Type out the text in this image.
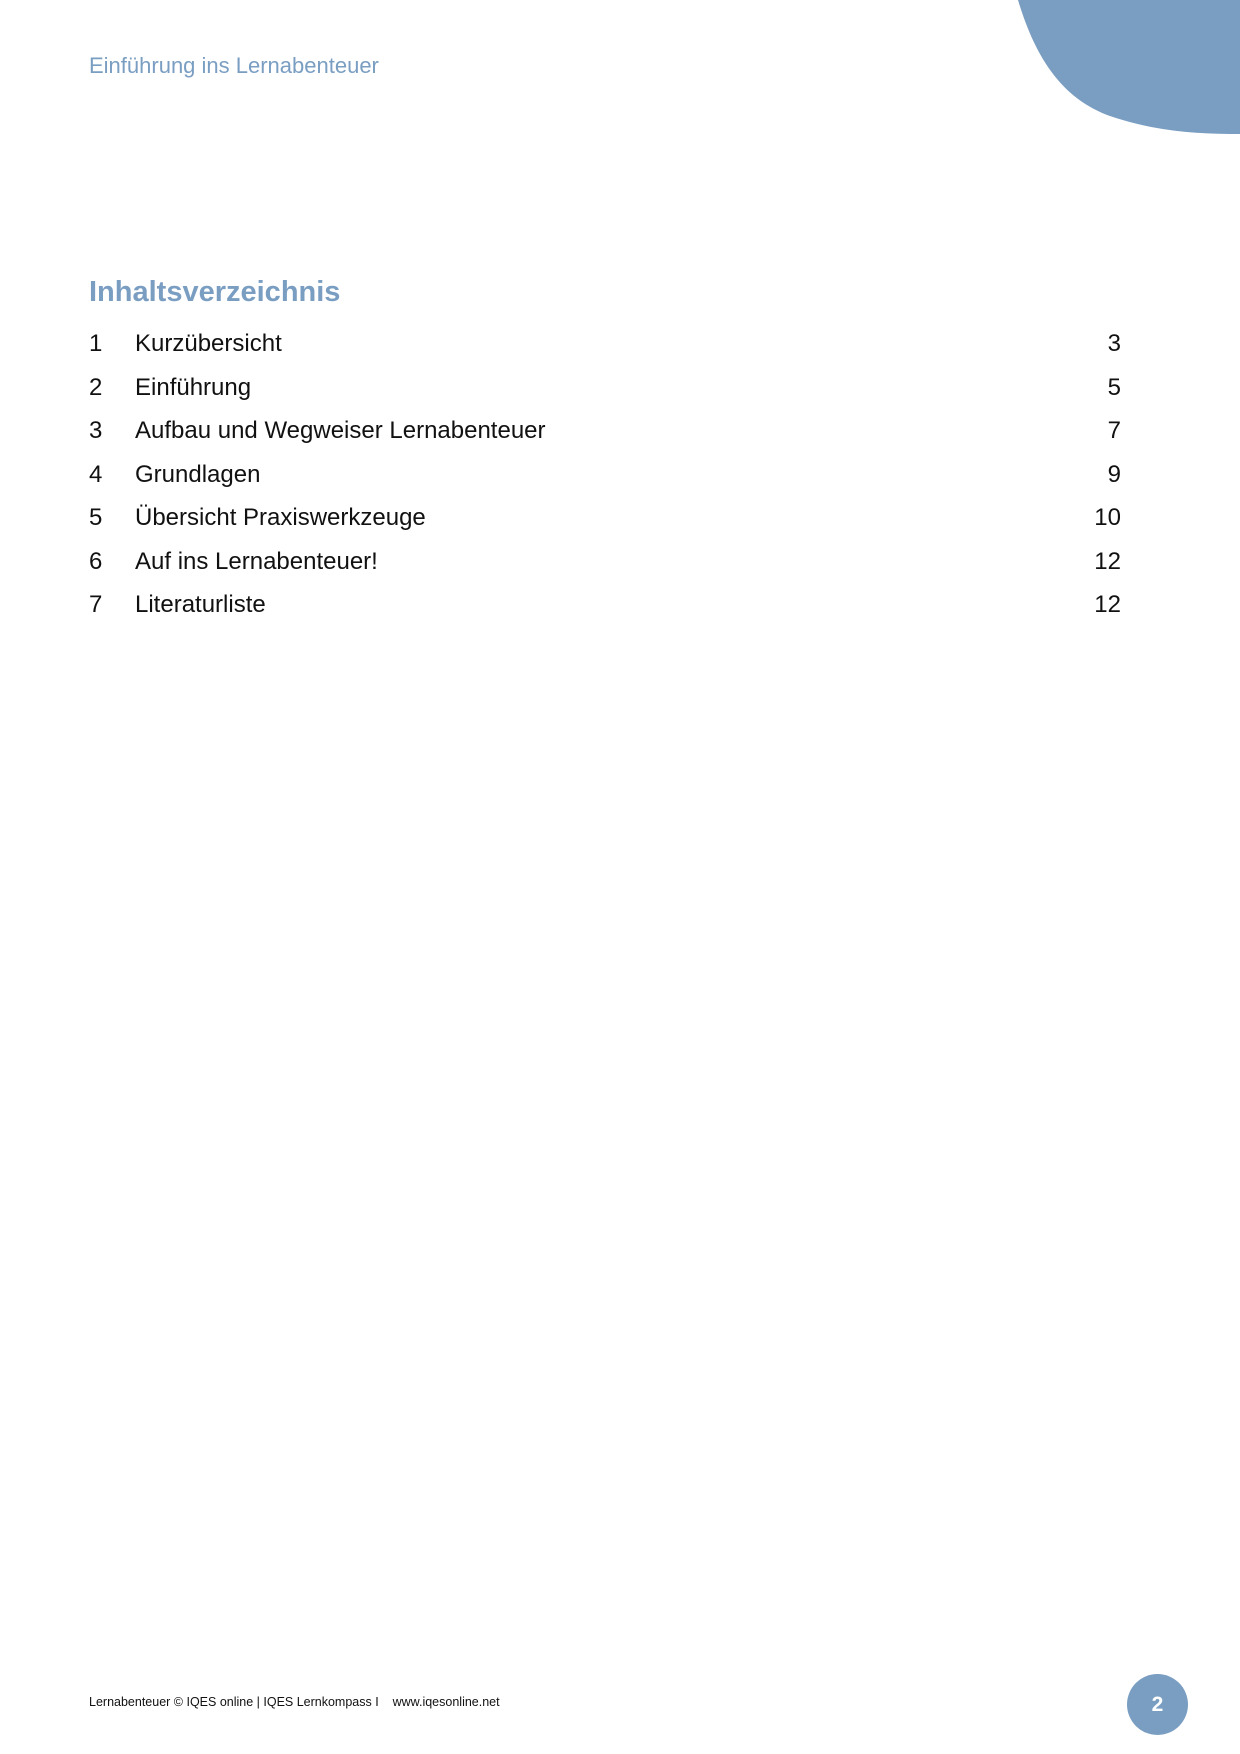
Einführung ins Lernabenteuer
Inhaltsverzeichnis
1	Kurzübersicht	3
2	Einführung	5
3	Aufbau und Wegweiser Lernabenteuer	7
4	Grundlagen	9
5	Übersicht Praxiswerkzeuge	10
6	Auf ins Lernabenteuer!	12
7	Literaturliste	12
Lernabenteuer © IQES online | IQES Lernkompass I    www.iqesonline.net	2
